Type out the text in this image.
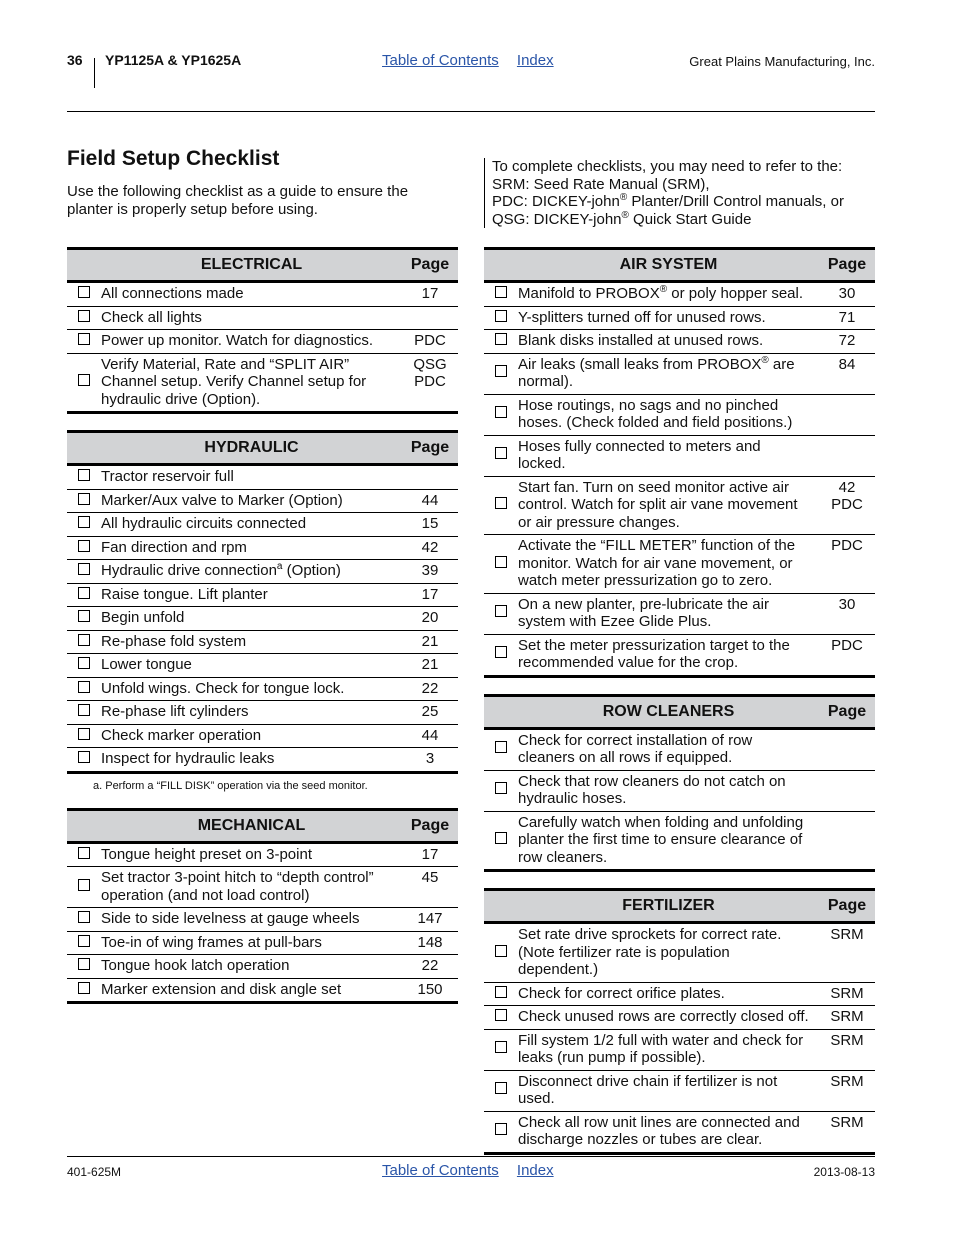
36 YP1125A & YP1625A	Table of Contents Index	Great Plains Manufacturing, Inc.
Field Setup Checklist

Use the following checklist as a guide to ensure the planter is properly setup before using.

To complete checklists, you may need to refer to the:
SRM: Seed Rate Manual (SRM),
PDC: DICKEY-john® Planter/Drill Control manuals, or
QSG: DICKEY-john® Quick Start Guide
ELECTRICAL		Page
	All connections made	17

	Check all lights	

	Power up monitor. Watch for diagnostics.	PDC

	Verify Material, Rate and “SPLIT AIR” Channel setup. Verify Channel setup for hydraulic drive (Option).	QSG
PDC
HYDRAULIC		Page
	Tractor reservoir full	

	Marker/Aux valve to Marker (Option)	44

	All hydraulic circuits connected	15

	Fan direction and rpm	42

	Hydraulic drive connection$^a$ (Option)	39

	Raise tongue. Lift planter	17

	Begin unfold	20

	Re-phase fold system	21

	Lower tongue	21

	Unfold wings. Check for tongue lock.	22

	Re-phase lift cylinders	25

	Check marker operation	44

	Inspect for hydraulic leaks	3
a. Perform a “FILL DISK” operation via the seed monitor.
MECHANICAL		Page
	Tongue height preset on 3-point	17

	Set tractor 3-point hitch to “depth control” operation (and not load control)	45

	Side to side levelness at gauge wheels	147

	Toe-in of wing frames at pull-bars	148

	Tongue hook latch operation	22

	Marker extension and disk angle set	150
AIR SYSTEM		Page
	Manifold to PROBOX® or poly hopper seal.	30

	Y-splitters turned off for unused rows.	71

	Blank disks installed at unused rows.	72

	Air leaks (small leaks from PROBOX® are normal).	84

	Hose routings, no sags and no pinched hoses. (Check folded and field positions.)	

	Hoses fully connected to meters and locked.	

	Start fan. Turn on seed monitor active air control. Watch for split air vane movement or air pressure changes.	42
PDC

	Activate the “FILL METER” function of the monitor. Watch for air vane movement, or watch meter pressurization go to zero.	PDC

	On a new planter, pre-lubricate the air system with Ezee Glide Plus.	30

	Set the meter pressurization target to the recommended value for the crop.	PDC
ROW CLEANERS		Page
	Check for correct installation of row cleaners on all rows if equipped.	

	Check that row cleaners do not catch on hydraulic hoses.	

	Carefully watch when folding and unfolding planter the first time to ensure clearance of row cleaners.	
FERTILIZER		Page
	Set rate drive sprockets for correct rate. (Note fertilizer rate is population dependent.)	SRM

	Check for correct orifice plates.	SRM

	Check unused rows are correctly closed off.	SRM

	Fill system 1/2 full with water and check for leaks (run pump if possible).	SRM

	Disconnect drive chain if fertilizer is not used.	SRM

	Check all row unit lines are connected and discharge nozzles or tubes are clear.	SRM
401-625M	Table of Contents Index	2013-08-13
